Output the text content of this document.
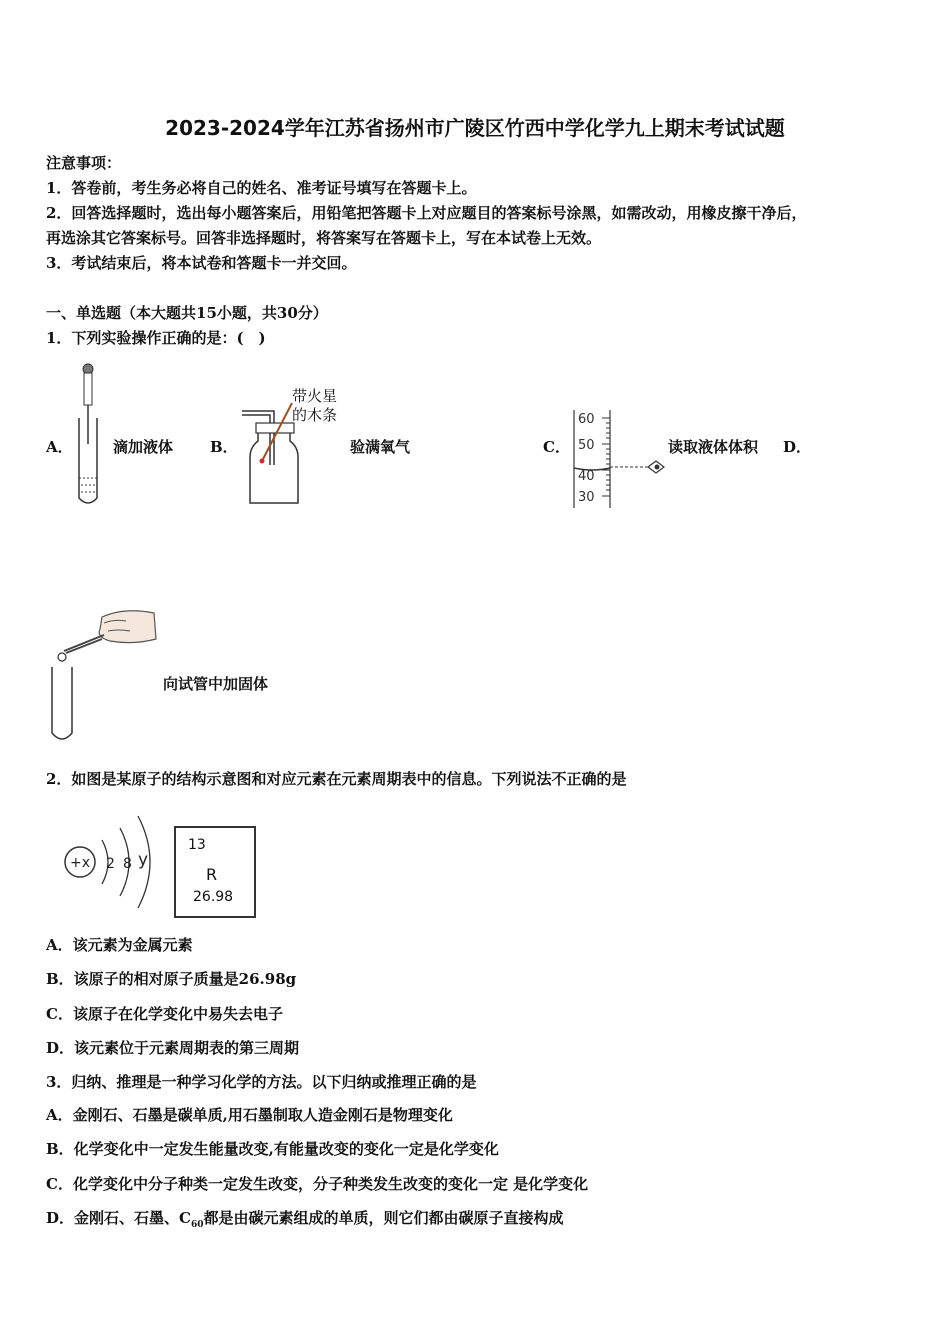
2023-2024学年江苏省扬州市广陵区竹西中学化学九上期末考试试题
注意事项：
1．答卷前，考生务必将自己的姓名、准考证号填写在答题卡上。
2．回答选择题时，选出每小题答案后，用铅笔把答题卡上对应题目的答案标号涂黑，如需改动，用橡皮擦干净后，
再选涂其它答案标号。回答非选择题时，将答案写在答题卡上，写在本试卷上无效。
3．考试结束后，将本试卷和答题卡一并交回。
一、单选题（本大题共15小题，共30分）
1．下列实验操作正确的是：(　)
A．	滴加液体 B．
带火星
的木条
验满氧气	C．
60
50
40
30
读取液体体积 D．
向试管中加固体
2．如图是某原子的结构示意图和对应元素在元素周期表中的信息。下列说法不正确的是
+x 2 8 y
13
R
26.98
A．该元素为金属元素
B．该原子的相对原子质量是26.98g
C．该原子在化学变化中易失去电子
D．该元素位于元素周期表的第三周期
3．归纳、推理是一种学习化学的方法。以下归纳或推理正确的是
A．金刚石、石墨是碳单质,用石墨制取人造金刚石是物理变化
B．化学变化中一定发生能量改变,有能量改变的变化一定是化学变化
C．化学变化中分子种类一定发生改变，分子种类发生改变的变化一定 是化学变化
D．金刚石、石墨、$C_{60}$都是由碳元素组成的单质，则它们都由碳原子直接构成
